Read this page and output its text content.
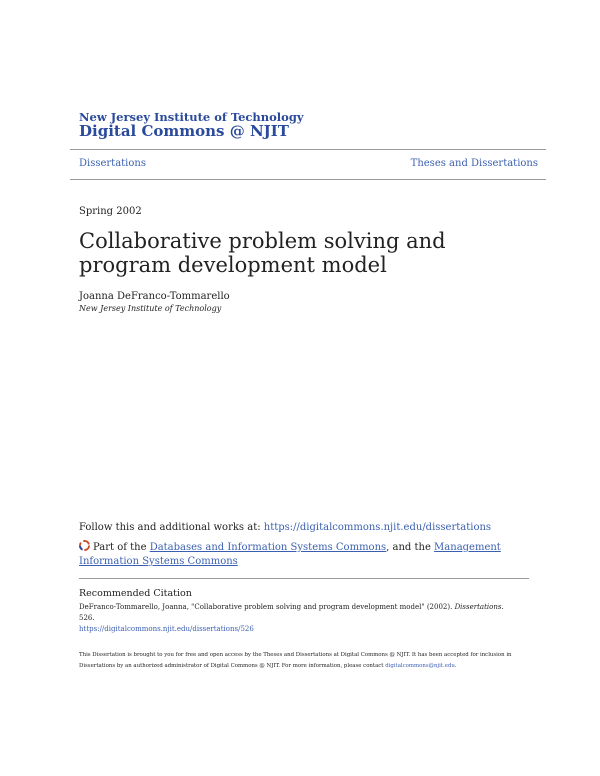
New Jersey Institute of Technology
Digital Commons @ NJIT
Dissertations	Theses and Dissertations
Spring 2002
Collaborative problem solving and program development model
Joanna DeFranco-Tommarello
New Jersey Institute of Technology
Follow this and additional works at: https://digitalcommons.njit.edu/dissertations
Part of the Databases and Information Systems Commons, and the Management Information Systems Commons
Recommended Citation
DeFranco-Tommarello, Joanna, "Collaborative problem solving and program development model" (2002). Dissertations. 526.
https://digitalcommons.njit.edu/dissertations/526
This Dissertation is brought to you for free and open access by the Theses and Dissertations at Digital Commons @ NJIT. It has been accepted for inclusion in Dissertations by an authorized administrator of Digital Commons @ NJIT. For more information, please contact digitalcommons@njit.edu.
